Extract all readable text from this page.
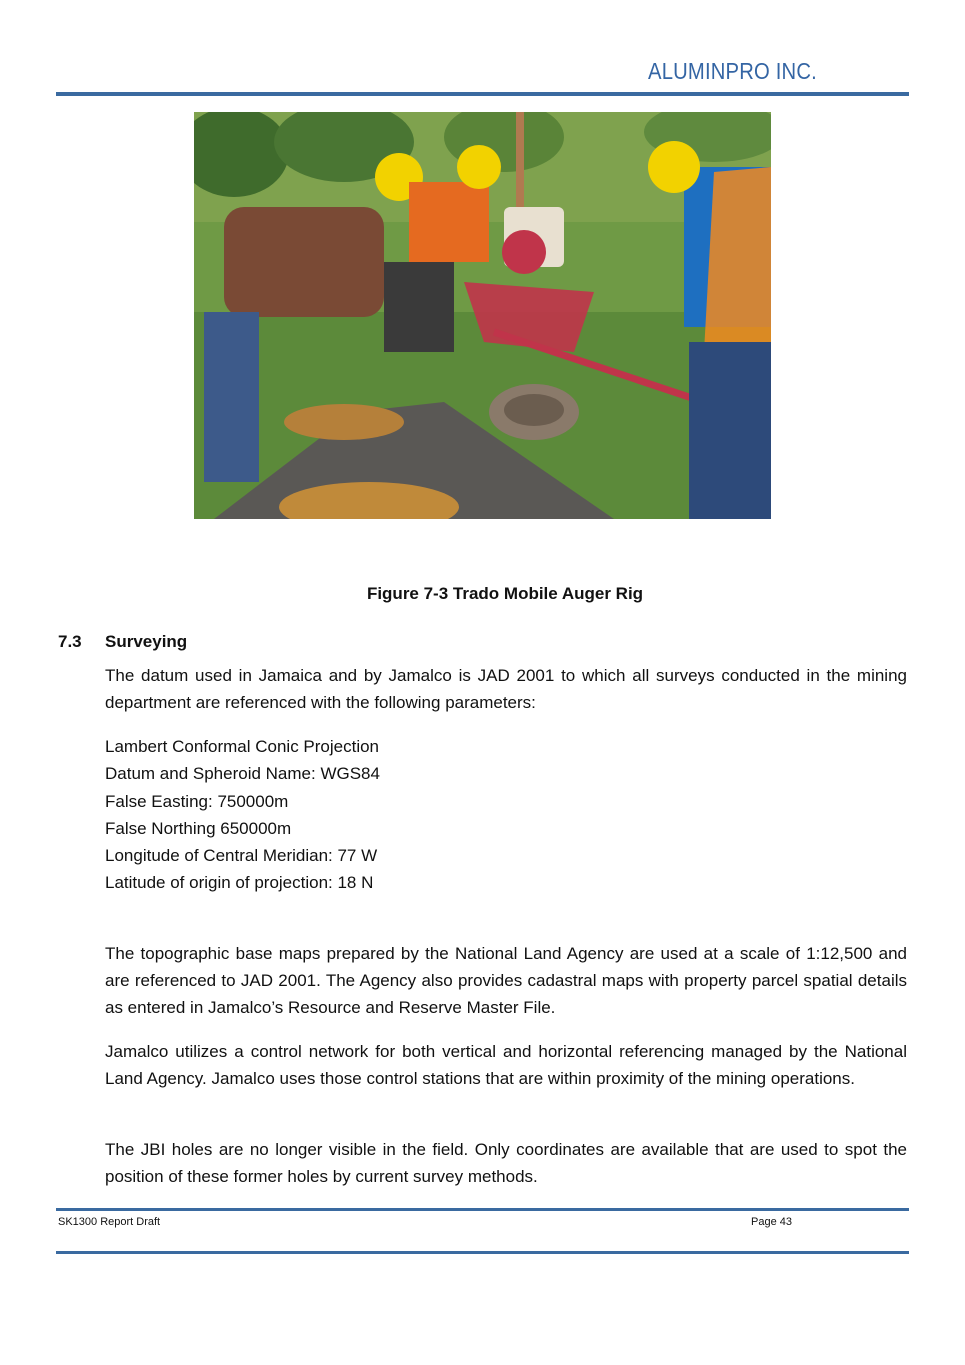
ALUMINPRO INC.
Figure 7-3 Trado Mobile Auger Rig
7.3 Surveying
The datum used in Jamaica and by Jamalco is JAD 2001 to which all surveys conducted in the mining department are referenced with the following parameters:
Lambert Conformal Conic Projection
Datum and Spheroid Name: WGS84
False Easting: 750000m
False Northing 650000m
Longitude of Central Meridian: 77 W
Latitude of origin of projection: 18 N
The topographic base maps prepared by the National Land Agency are used at a scale of 1:12,500 and are referenced to JAD 2001. The Agency also provides cadastral maps with property parcel spatial details as entered in Jamalco’s Resource and Reserve Master File.
Jamalco utilizes a control network for both vertical and horizontal referencing managed by the National Land Agency. Jamalco uses those control stations that are within proximity of the mining operations.
The JBI holes are no longer visible in the field. Only coordinates are available that are used to spot the position of these former holes by current survey methods.
SK1300 Report Draft	Page 43
